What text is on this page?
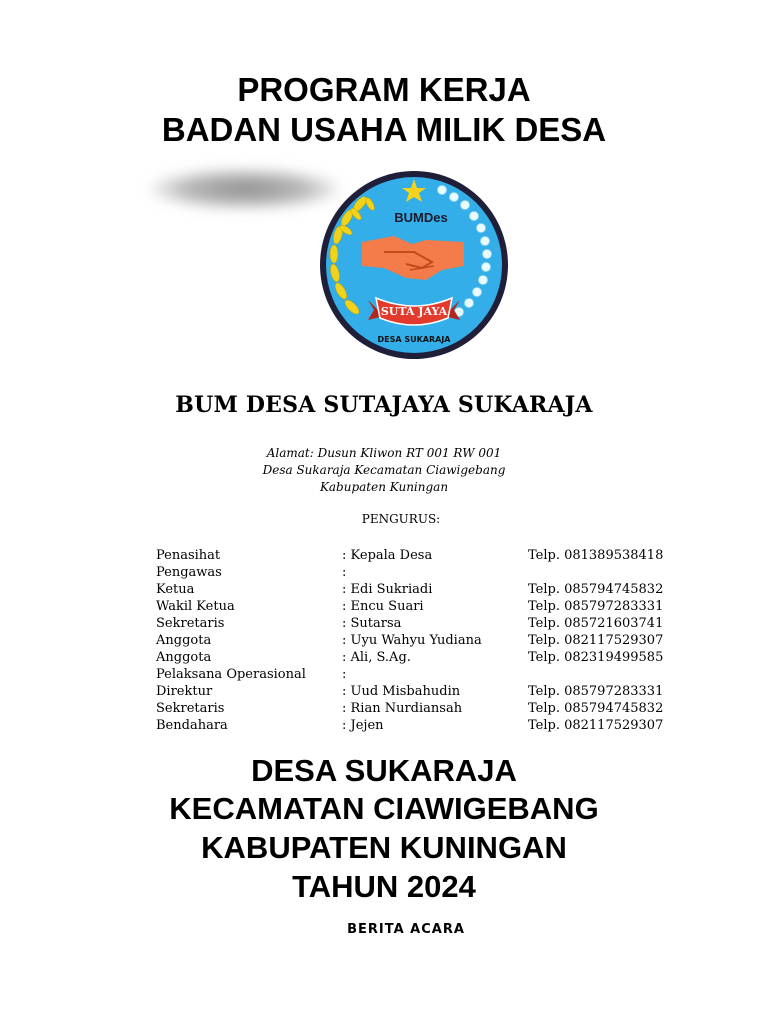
PROGRAM KERJA
BADAN USAHA MILIK DESA
BUMDes
SUTA JAYA
DESA SUKARAJA
BUM DESA SUTAJAYA SUKARAJA
Alamat: Dusun Kliwon RT 001 RW 001
Desa Sukaraja Kecamatan Ciawigebang
Kabupaten Kuningan
PENGURUS:
Penasihat	: Kepala Desa	Telp. 081389538418
Pengawas	:
Ketua	: Edi Sukriadi	Telp. 085794745832
Wakil Ketua	: Encu Suari	Telp. 085797283331
Sekretaris	: Sutarsa	Telp. 085721603741
Anggota	: Uyu Wahyu Yudiana	Telp. 082117529307
Anggota	: Ali, S.Ag.	Telp. 082319499585
Pelaksana Operasional	:
Direktur	: Uud Misbahudin	Telp. 085797283331
Sekretaris	: Rian Nurdiansah	Telp. 085794745832
Bendahara	: Jejen	Telp. 082117529307
DESA SUKARAJA
KECAMATAN CIAWIGEBANG
KABUPATEN KUNINGAN
TAHUN 2024
BERITA ACARA
